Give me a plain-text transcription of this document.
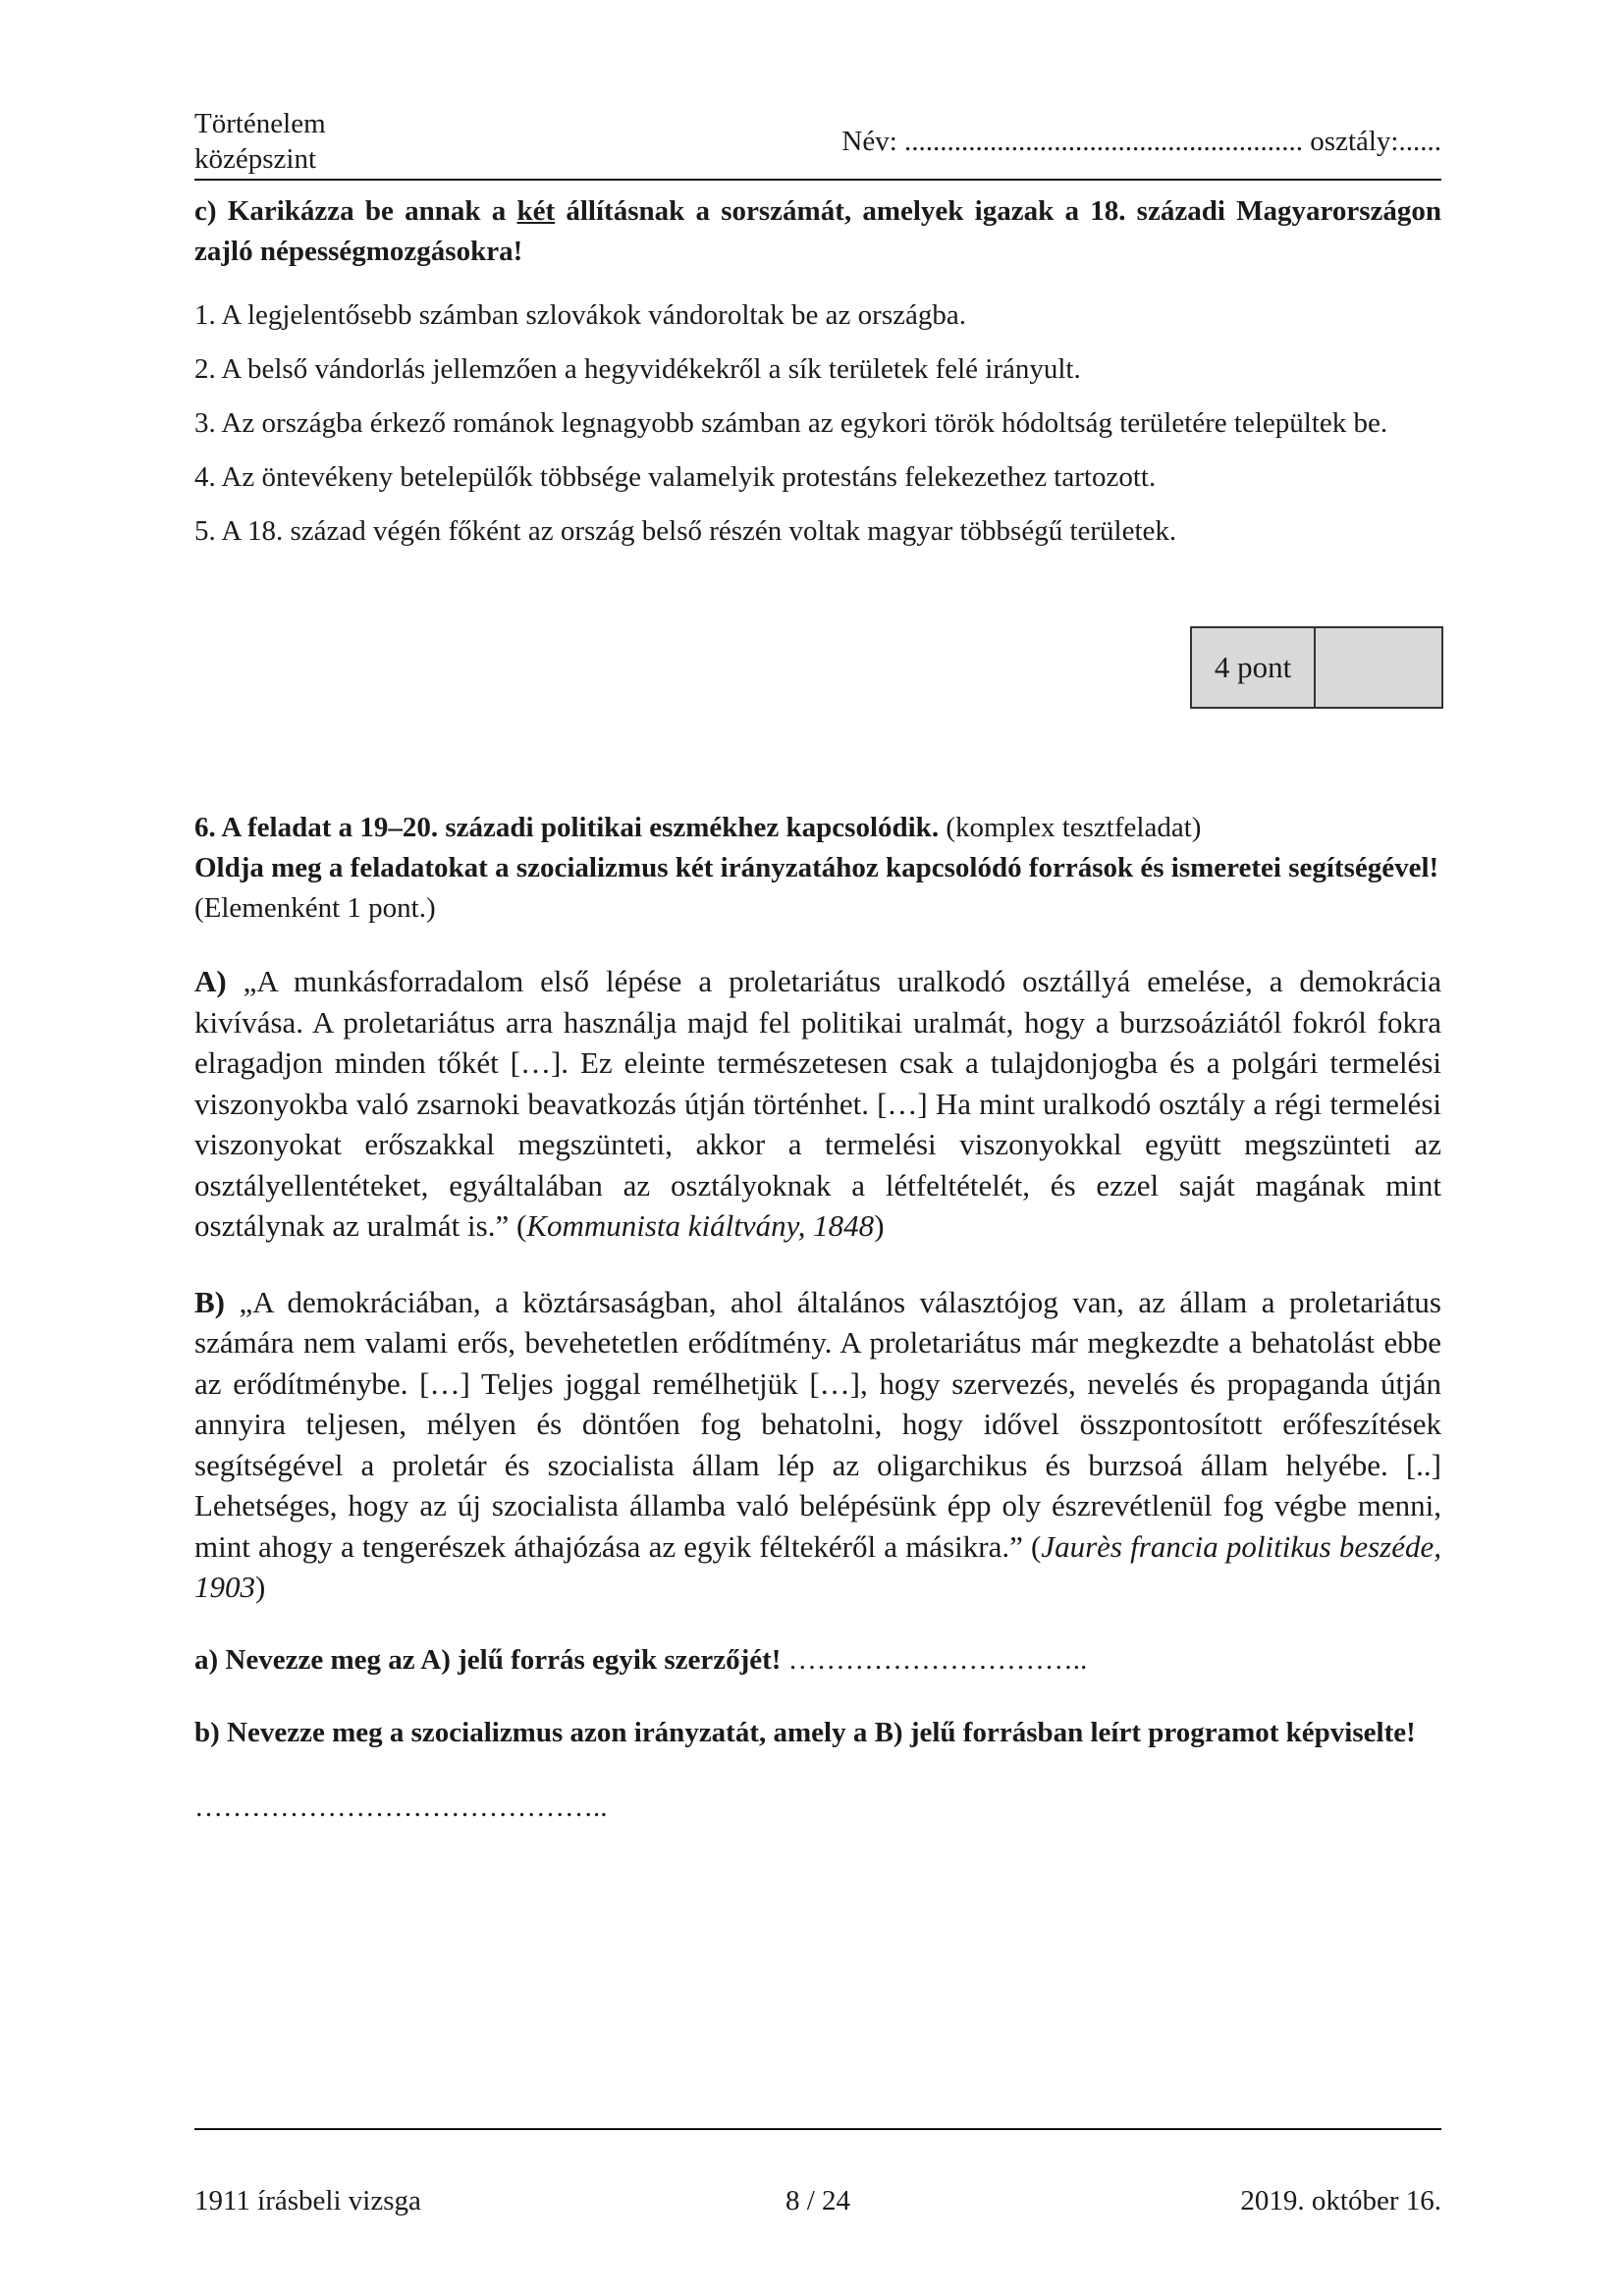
Történelem
középszint
Név: ........................................................ osztály:......

c) Karikázza be annak a két állításnak a sorszámát, amelyek igazak a 18. századi Magyarországon zajló népességmozgásokra!

1. A legjelentősebb számban szlovákok vándoroltak be az országba.

2. A belső vándorlás jellemzően a hegyvidékekről a sík területek felé irányult.

3. Az országba érkező románok legnagyobb számban az egykori török hódoltság területére települtek be.

4. Az öntevékeny betelepülők többsége valamelyik protestáns felekezethez tartozott.

5. A 18. század végén főként az ország belső részén voltak magyar többségű területek.

4 pont

6. A feladat a 19–20. századi politikai eszmékhez kapcsolódik. (komplex tesztfeladat)

Oldja meg a feladatokat a szocializmus két irányzatához kapcsolódó források és ismeretei segítségével! (Elemenként 1 pont.)

A) „A munkásforradalom első lépése a proletariátus uralkodó osztállyá emelése, a demokrácia kivívása. A proletariátus arra használja majd fel politikai uralmát, hogy a burzsoáziától fokról fokra elragadjon minden tőkét […]. Ez eleinte természetesen csak a tulajdonjogba és a polgári termelési viszonyokba való zsarnoki beavatkozás útján történhet. […] Ha mint uralkodó osztály a régi termelési viszonyokat erőszakkal megszünteti, akkor a termelési viszonyokkal együtt megszünteti az osztályellentéteket, egyáltalában az osztályoknak a létfeltételét, és ezzel saját magának mint osztálynak az uralmát is.” (Kommunista kiáltvány, 1848)

B) „A demokráciában, a köztársaságban, ahol általános választójog van, az állam a proletariátus számára nem valami erős, bevehetetlen erődítmény. A proletariátus már megkezdte a behatolást ebbe az erődítménybe. […] Teljes joggal remélhetjük […], hogy szervezés, nevelés és propaganda útján annyira teljesen, mélyen és döntően fog behatolni, hogy idővel összpontosított erőfeszítések segítségével a proletár és szocialista állam lép az oligarchikus és burzsoá állam helyébe. [..] Lehetséges, hogy az új szocialista államba való belépésünk épp oly észrevétlenül fog végbe menni, mint ahogy a tengerészek áthajózása az egyik féltekéről a másikra.” (Jaurès francia politikus beszéde, 1903)

a) Nevezze meg az A) jelű forrás egyik szerzőjét! …………………………..

b) Nevezze meg a szocializmus azon irányzatát, amely a B) jelű forrásban leírt programot képviselte!

……………………………………..

1911 írásbeli vizsga	8 / 24	2019. október 16.
